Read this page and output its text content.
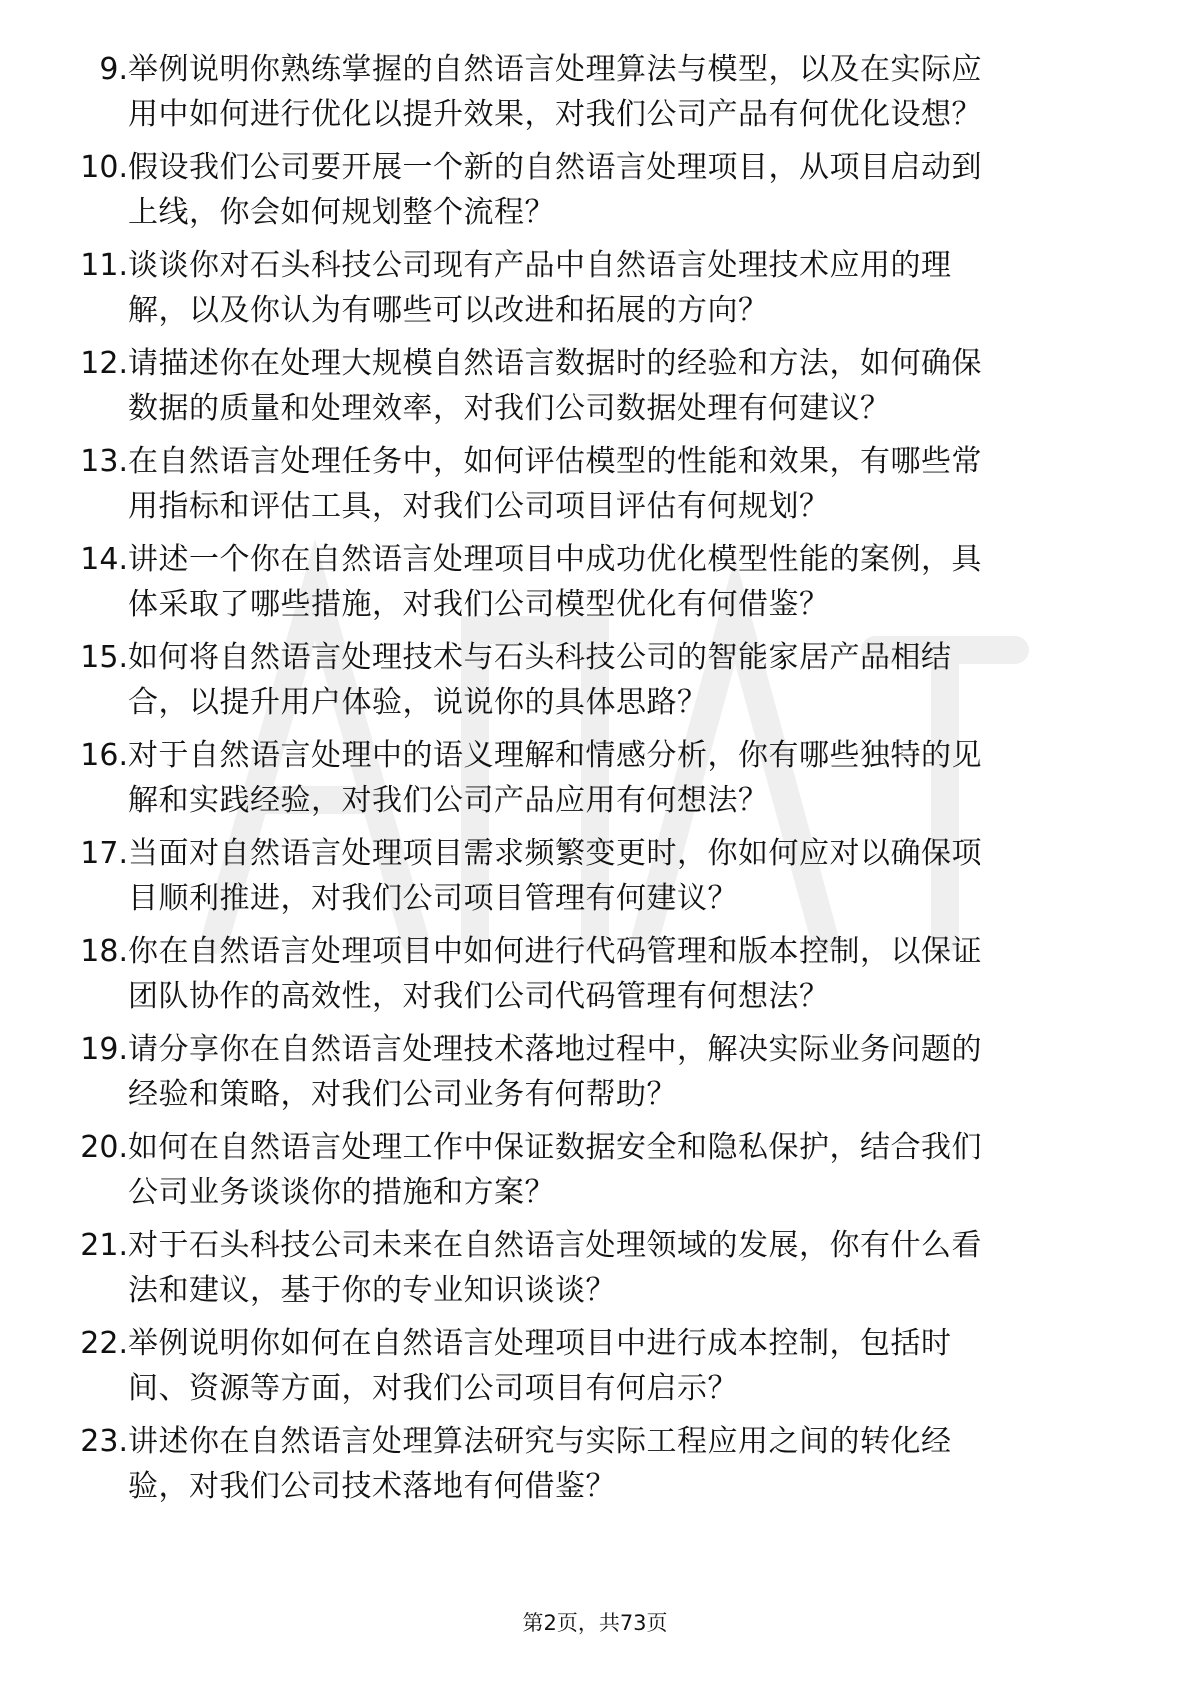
9. 举例说明你熟练掌握的自然语言处理算法与模型，以及在实际应
用中如何进行优化以提升效果，对我们公司产品有何优化设想？
10. 假设我们公司要开展一个新的自然语言处理项目，从项目启动到
上线，你会如何规划整个流程？
11. 谈谈你对石头科技公司现有产品中自然语言处理技术应用的理
解，以及你认为有哪些可以改进和拓展的方向？
12. 请描述你在处理大规模自然语言数据时的经验和方法，如何确保
数据的质量和处理效率，对我们公司数据处理有何建议？
13. 在自然语言处理任务中，如何评估模型的性能和效果，有哪些常
用指标和评估工具，对我们公司项目评估有何规划？
14. 讲述一个你在自然语言处理项目中成功优化模型性能的案例，具
体采取了哪些措施，对我们公司模型优化有何借鉴？
15. 如何将自然语言处理技术与石头科技公司的智能家居产品相结
合，以提升用户体验，说说你的具体思路？
16. 对于自然语言处理中的语义理解和情感分析，你有哪些独特的见
解和实践经验，对我们公司产品应用有何想法？
17. 当面对自然语言处理项目需求频繁变更时，你如何应对以确保项
目顺利推进，对我们公司项目管理有何建议？
18. 你在自然语言处理项目中如何进行代码管理和版本控制，以保证
团队协作的高效性，对我们公司代码管理有何想法？
19. 请分享你在自然语言处理技术落地过程中，解决实际业务问题的
经验和策略，对我们公司业务有何帮助？
20. 如何在自然语言处理工作中保证数据安全和隐私保护，结合我们
公司业务谈谈你的措施和方案？
21. 对于石头科技公司未来在自然语言处理领域的发展，你有什么看
法和建议，基于你的专业知识谈谈？
22. 举例说明你如何在自然语言处理项目中进行成本控制，包括时
间、资源等方面，对我们公司项目有何启示？
23. 讲述你在自然语言处理算法研究与实际工程应用之间的转化经
验，对我们公司技术落地有何借鉴？
第2页，共73页
